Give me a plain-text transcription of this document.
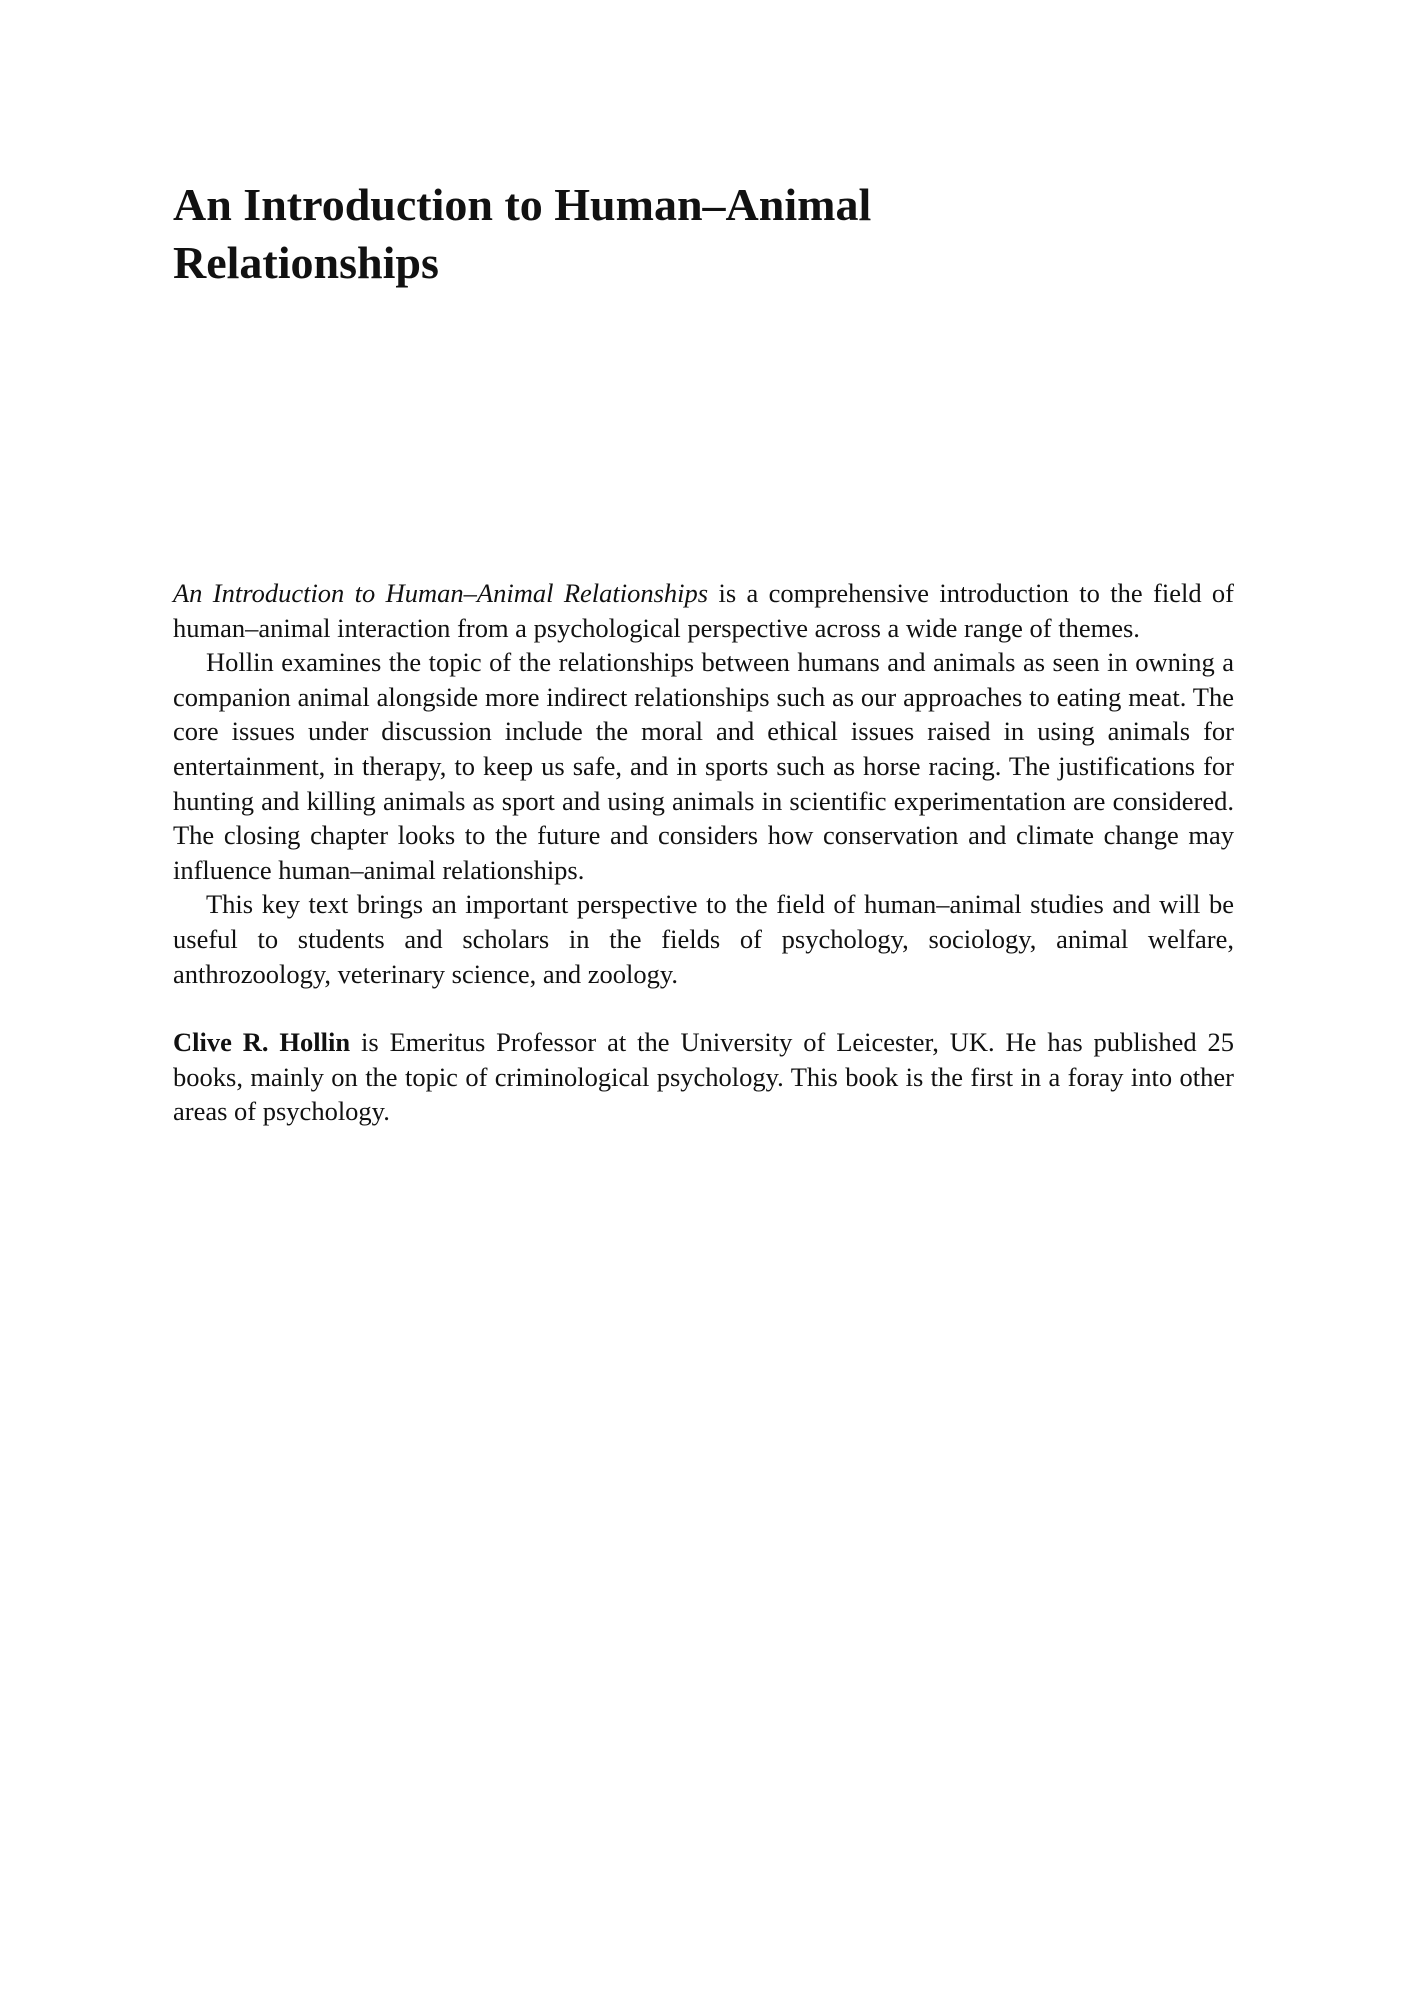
An Introduction to Human–Animal
Relationships

An Introduction to Human–Animal Relationships is a comprehensive introduction to the field of human–animal interaction from a psychological perspective across a wide range of themes.

Hollin examines the topic of the relationships between humans and animals as seen in owning a companion animal alongside more indirect relationships such as our approaches to eating meat. The core issues under discussion include the moral and ethical issues raised in using animals for entertainment, in therapy, to keep us safe, and in sports such as horse racing. The justifications for hunting and killing animals as sport and using animals in scientific experimentation are considered. The closing chapter looks to the future and considers how conservation and climate change may influence human–animal relationships.

This key text brings an important perspective to the field of human–animal studies and will be useful to students and scholars in the fields of psychology, sociology, animal welfare, anthrozoology, veterinary science, and zoology.

Clive R. Hollin is Emeritus Professor at the University of Leicester, UK. He has published 25 books, mainly on the topic of criminological psychology. This book is the first in a foray into other areas of psychology.
